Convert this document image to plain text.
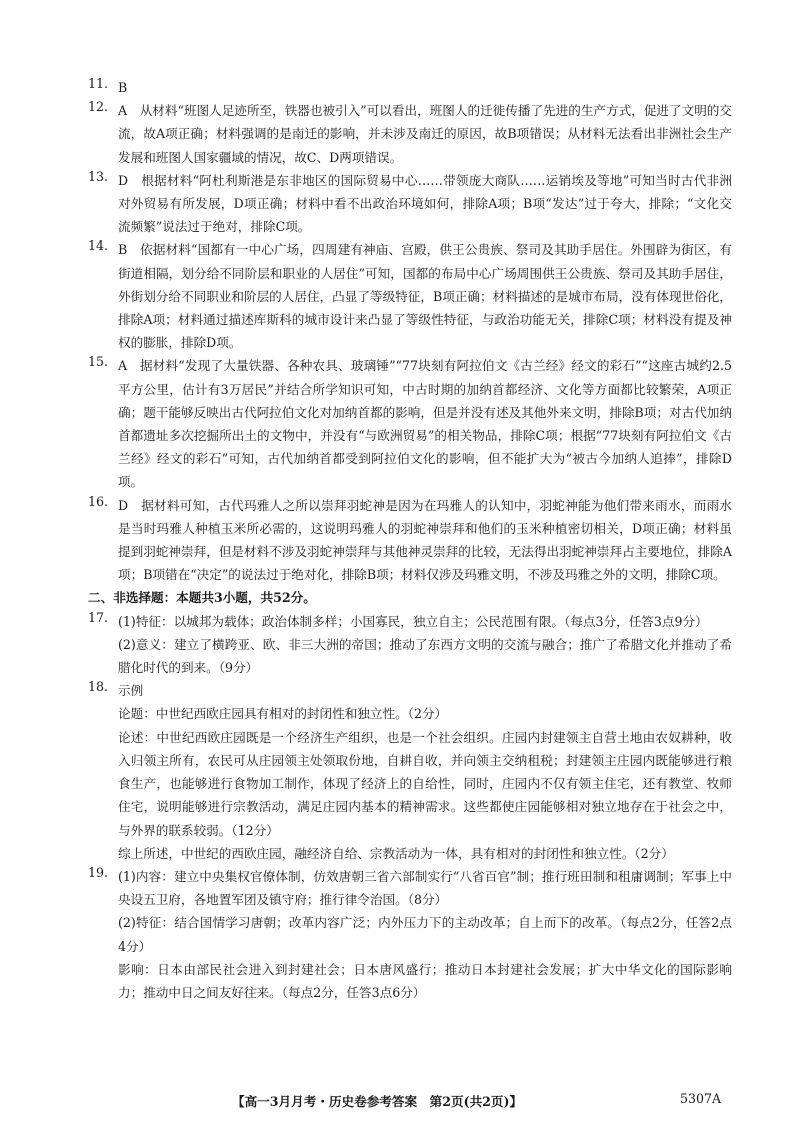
11. B

12. A　从材料“班图人足迹所至，铁器也被引入”可以看出，班图人的迁徙传播了先进的生产方式，促进了文明的交流，故A项正确；材料强调的是南迁的影响，并未涉及南迁的原因，故B项错误；从材料无法看出非洲社会生产发展和班图人国家疆域的情况，故C、D两项错误。

13. D　根据材料“阿杜利斯港是东非地区的国际贸易中心……带领庞大商队……运销埃及等地”可知当时古代非洲对外贸易有所发展，D项正确；材料中看不出政治环境如何，排除A项；B项“发达”过于夸大，排除；“文化交流频繁”说法过于绝对，排除C项。

14. B　依据材料“国都有一中心广场，四周建有神庙、宫殿，供王公贵族、祭司及其助手居住。外围辟为街区，有街道相隔，划分给不同阶层和职业的人居住”可知，国都的布局中心广场周围供王公贵族、祭司及其助手居住，外街划分给不同职业和阶层的人居住，凸显了等级特征，B项正确；材料描述的是城市布局，没有体现世俗化，排除A项；材料通过描述库斯科的城市设计来凸显了等级性特征，与政治功能无关，排除C项；材料没有提及神权的膨胀，排除D项。

15. A　据材料“发现了大量铁器、各种农具、玻璃锤”“77块刻有阿拉伯文《古兰经》经文的彩石”“这座古城约2.5平方公里，估计有3万居民”并结合所学知识可知，中古时期的加纳首都经济、文化等方面都比较繁荣，A项正确；题干能够反映出古代阿拉伯文化对加纳首都的影响，但是并没有述及其他外来文明，排除B项；对古代加纳首都遗址多次挖掘所出土的文物中，并没有“与欧洲贸易”的相关物品，排除C项；根据“77块刻有阿拉伯文《古兰经》经文的彩石”可知，古代加纳首都受到阿拉伯文化的影响，但不能扩大为“被古今加纳人追捧”，排除D项。

16. D　据材料可知，古代玛雅人之所以崇拜羽蛇神是因为在玛雅人的认知中，羽蛇神能为他们带来雨水，而雨水是当时玛雅人种植玉米所必需的，这说明玛雅人的羽蛇神崇拜和他们的玉米种植密切相关，D项正确；材料虽提到羽蛇神崇拜，但是材料不涉及羽蛇神崇拜与其他神灵崇拜的比较，无法得出羽蛇神崇拜占主要地位，排除A项；B项错在“决定”的说法过于绝对化，排除B项；材料仅涉及玛雅文明，不涉及玛雅之外的文明，排除C项。

二、非选择题：本题共3小题，共52分。

17. (1)特征：以城邦为载体；政治体制多样；小国寡民，独立自主；公民范围有限。（每点3分，任答3点9分）

(2)意义：建立了横跨亚、欧、非三大洲的帝国；推动了东西方文明的交流与融合；推广了希腊文化并推动了希腊化时代的到来。（9分）

18. 示例

论题：中世纪西欧庄园具有相对的封闭性和独立性。（2分）

论述：中世纪西欧庄园既是一个经济生产组织，也是一个社会组织。庄园内封建领主自营土地由农奴耕种，收入归领主所有，农民可从庄园领主处领取份地，自耕自收，并向领主交纳租税；封建领主庄园内既能够进行粮食生产，也能够进行食物加工制作，体现了经济上的自给性，同时，庄园内不仅有领主住宅，还有教堂、牧师住宅，说明能够进行宗教活动，满足庄园内基本的精神需求。这些都使庄园能够相对独立地存在于社会之中，与外界的联系较弱。（12分）

综上所述，中世纪的西欧庄园，融经济自给、宗教活动为一体，具有相对的封闭性和独立性。（2分）

19. (1)内容：建立中央集权官僚体制，仿效唐朝三省六部制实行“八省百官”制；推行班田制和租庸调制；军事上中央设五卫府，各地置军团及镇守府；推行律令治国。（8分）

(2)特征：结合国情学习唐朝；改革内容广泛；内外压力下的主动改革；自上而下的改革。（每点2分，任答2点4分）

影响：日本由部民社会进入到封建社会；日本唐风盛行；推动日本封建社会发展；扩大中华文化的国际影响力；推动中日之间友好往来。（每点2分，任答3点6分）

【高一3月月考・历史卷参考答案　第2页(共2页)】	5307A
